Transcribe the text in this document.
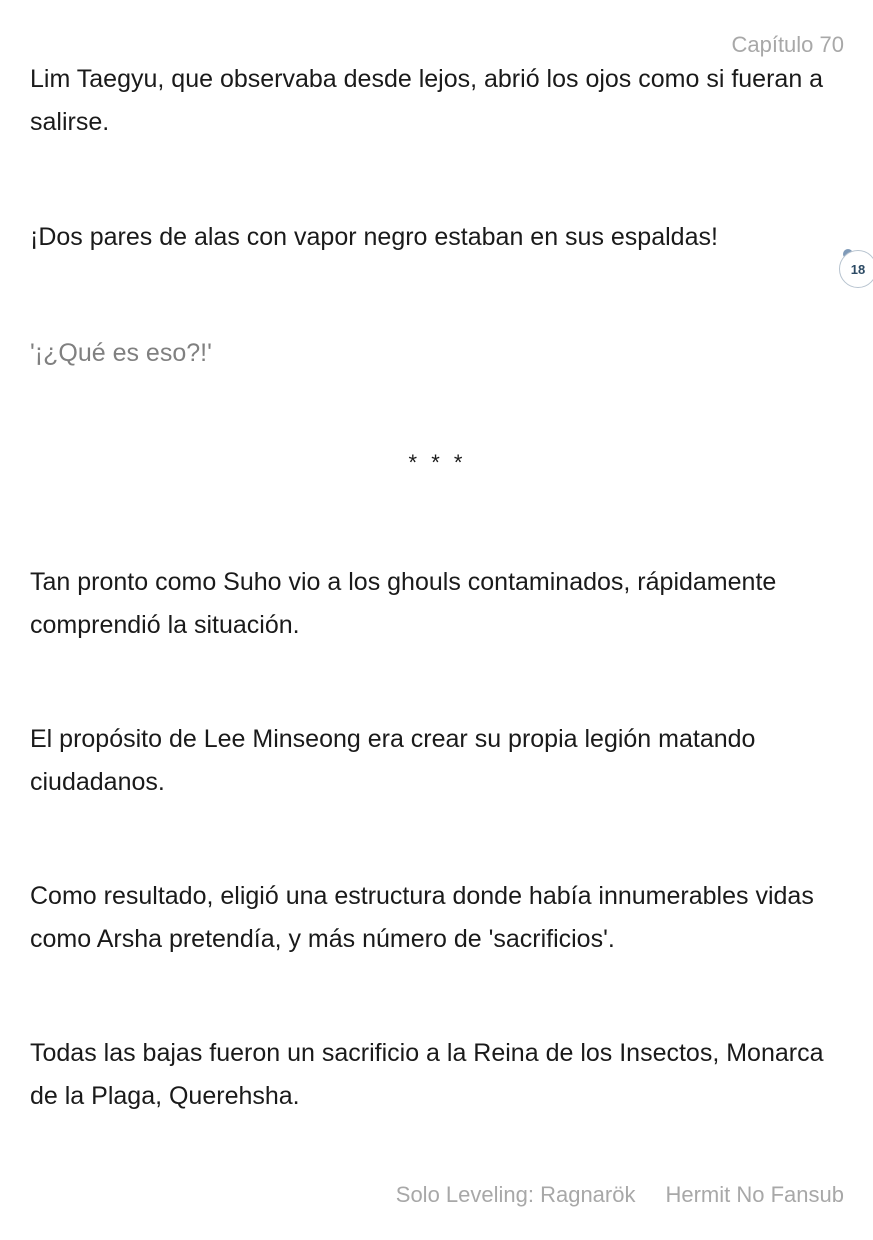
Capítulo 70

Lim Taegyu, que observaba desde lejos, abrió los ojos como si fueran a salirse.

¡Dos pares de alas con vapor negro estaban en sus espaldas!

'¡¿Qué es eso?!'

* * *

Tan pronto como Suho vio a los ghouls contaminados, rápidamente comprendió la situación.

El propósito de Lee Minseong era crear su propia legión matando ciudadanos.

Como resultado, eligió una estructura donde había innumerables vidas como Arsha pretendía, y más número de 'sacrificios'.

Todas las bajas fueron un sacrificio a la Reina de los Insectos, Monarca de la Plaga, Querehsha.

18
Solo Leveling: Ragnarök Hermit No Fansub
